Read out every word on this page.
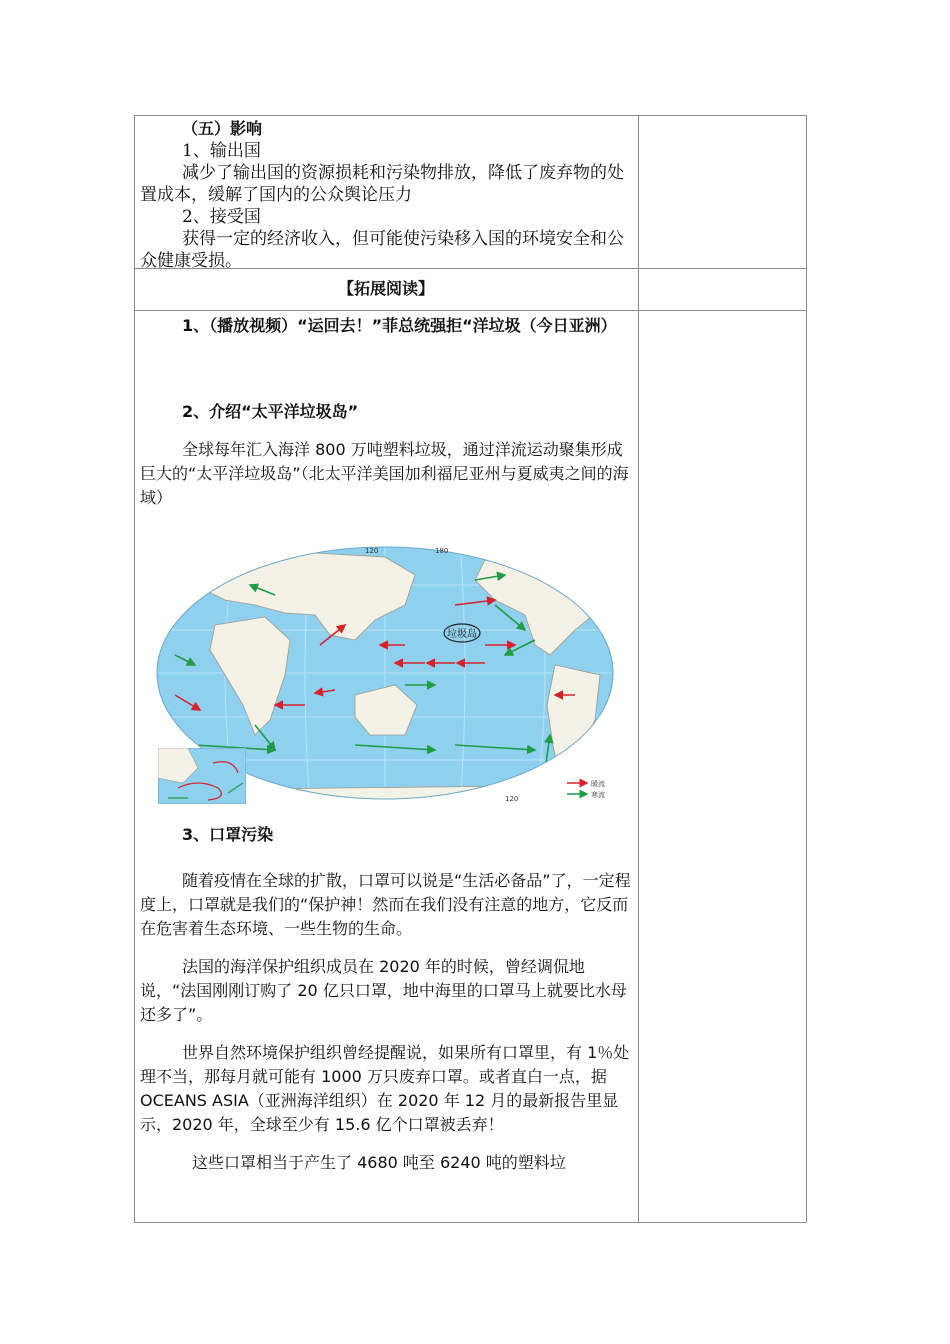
（五）影响

1、输出国

减少了输出国的资源损耗和污染物排放，降低了废弃物的处置成本，缓解了国内的公众舆论压力

2、接受国

获得一定的经济收入，但可能使污染移入国的环境安全和公众健康受损。

【拓展阅读】

1、（播放视频）“运回去！”菲总统强拒“洋垃圾（今日亚洲）

2、介绍“太平洋垃圾岛”

全球每年汇入海洋 800 万吨塑料垃圾，通过洋流运动聚集形成巨大的“太平洋垃圾岛”（北太平洋美国加利福尼亚州与夏威夷之间的海域）

垃圾岛
120	180
120
暖流
寒流

3、口罩污染

随着疫情在全球的扩散，口罩可以说是“生活必备品”了，一定程度上，口罩就是我们的“保护神！然而在我们没有注意的地方，它反而在危害着生态环境、一些生物的生命。

法国的海洋保护组织成员在 2020 年的时候，曾经调侃地说，“法国刚刚订购了 20 亿只口罩，地中海里的口罩马上就要比水母还多了”。

世界自然环境保护组织曾经提醒说，如果所有口罩里，有 1％处理不当，那每月就可能有 1000 万只废弃口罩。或者直白一点，据 OCEANS ASIA（亚洲海洋组织）在 2020 年 12 月的最新报告里显示，2020 年，全球至少有 15.6 亿个口罩被丢弃！

这些口罩相当于产生了 4680 吨至 6240 吨的塑料垃
